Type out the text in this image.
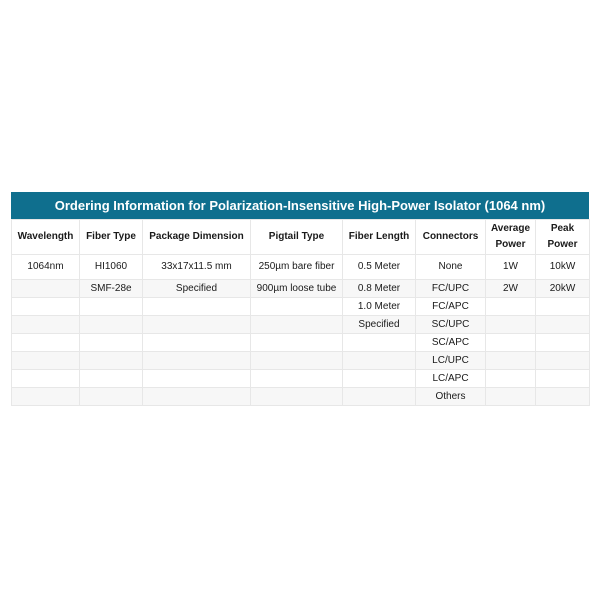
Ordering Information for Polarization-Insensitive High-Power Isolator (1064 nm)
Wavelength	Fiber Type	Package Dimension	Pigtail Type	Fiber Length	Connectors	Average Power	Peak Power
1064nm	HI1060	33x17x11.5 mm	250µm bare fiber	0.5 Meter	None	1W	10kW
	SMF-28e	Specified	900µm loose tube	0.8 Meter	FC/UPC	2W	20kW
				1.0 Meter	FC/APC		
				Specified	SC/UPC		
					SC/APC		
					LC/UPC		
					LC/APC		
					Others		
